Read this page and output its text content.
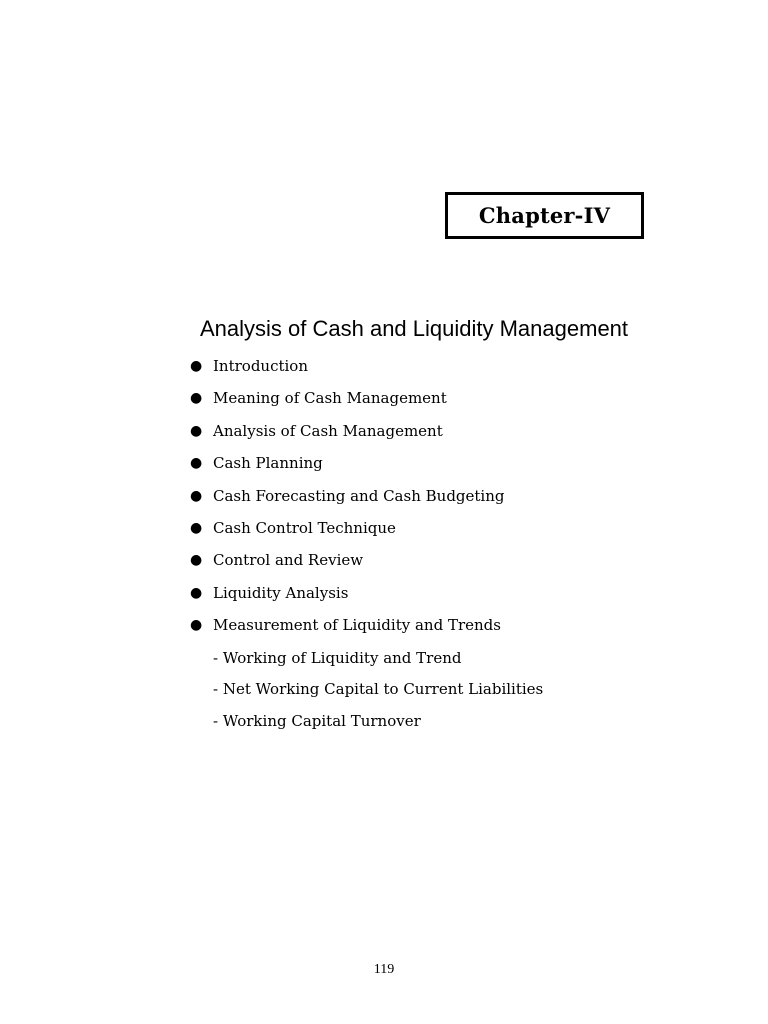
Chapter-IV
Analysis of Cash and Liquidity Management
● Introduction
● Meaning of Cash Management
● Analysis of Cash Management
● Cash Planning
● Cash Forecasting and Cash Budgeting
● Cash Control Technique
● Control and Review
● Liquidity Analysis
● Measurement of Liquidity and Trends
- Working of Liquidity and Trend
- Net Working Capital to Current Liabilities
- Working Capital Turnover
119
